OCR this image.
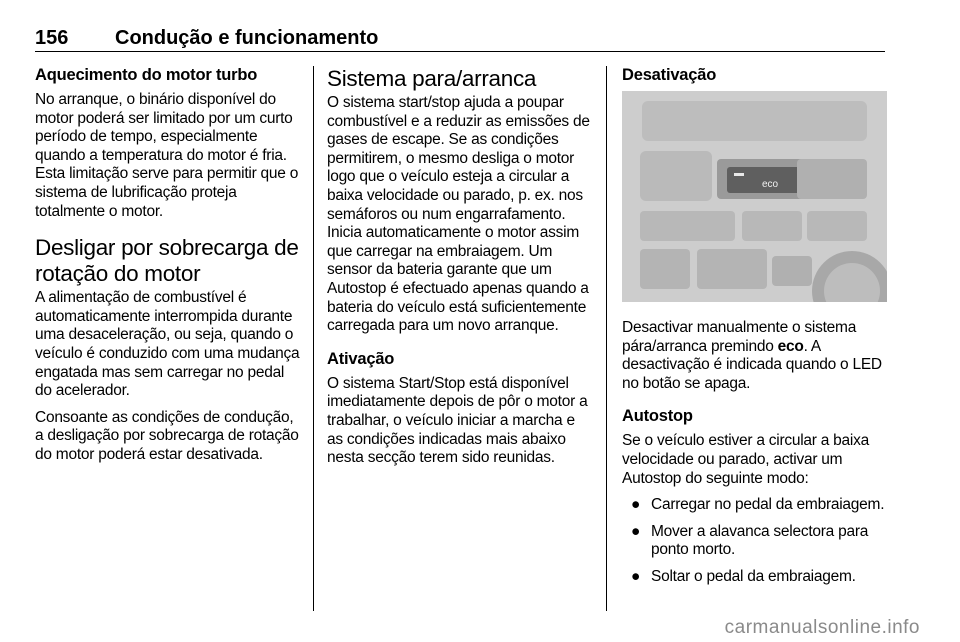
156 Condução e funcionamento
Aquecimento do motor turbo

No arranque, o binário disponível do motor poderá ser limitado por um curto período de tempo, especialmente quando a temperatura do motor é fria. Esta limitação serve para permitir que o sistema de lubrificação proteja totalmente o motor.

Desligar por sobrecarga de rotação do motor

A alimentação de combustível é automaticamente interrompida durante uma desaceleração, ou seja, quando o veículo é conduzido com uma mudança engatada mas sem carregar no pedal do acelerador.

Consoante as condições de condução, a desligação por sobrecarga de rotação do motor poderá estar desativada.

Sistema para/arranca

O sistema start/stop ajuda a poupar combustível e a reduzir as emissões de gases de escape. Se as condições permitirem, o mesmo desliga o motor logo que o veículo esteja a circular a baixa velocidade ou parado, p. ex. nos semáforos ou num engarrafamento. Inicia automaticamente o motor assim que carregar na embraiagem. Um sensor da bateria garante que um Autostop é efectuado apenas quando a bateria do veículo está suficientemente carregada para um novo arranque.

Ativação

O sistema Start/Stop está disponível imediatamente depois de pôr o motor a trabalhar, o veículo iniciar a marcha e as condições indicadas mais abaixo nesta secção terem sido reunidas.

Desativação
eco

Desactivar manualmente o sistema pára/arranca premindo eco. A desactivação é indicada quando o LED no botão se apaga.

Autostop

Se o veículo estiver a circular a baixa velocidade ou parado, activar um Autostop do seguinte modo:

● Carregar no pedal da embraiagem.
● Mover a alavanca selectora para ponto morto.
● Soltar o pedal da embraiagem.
carmanualsonline.info
